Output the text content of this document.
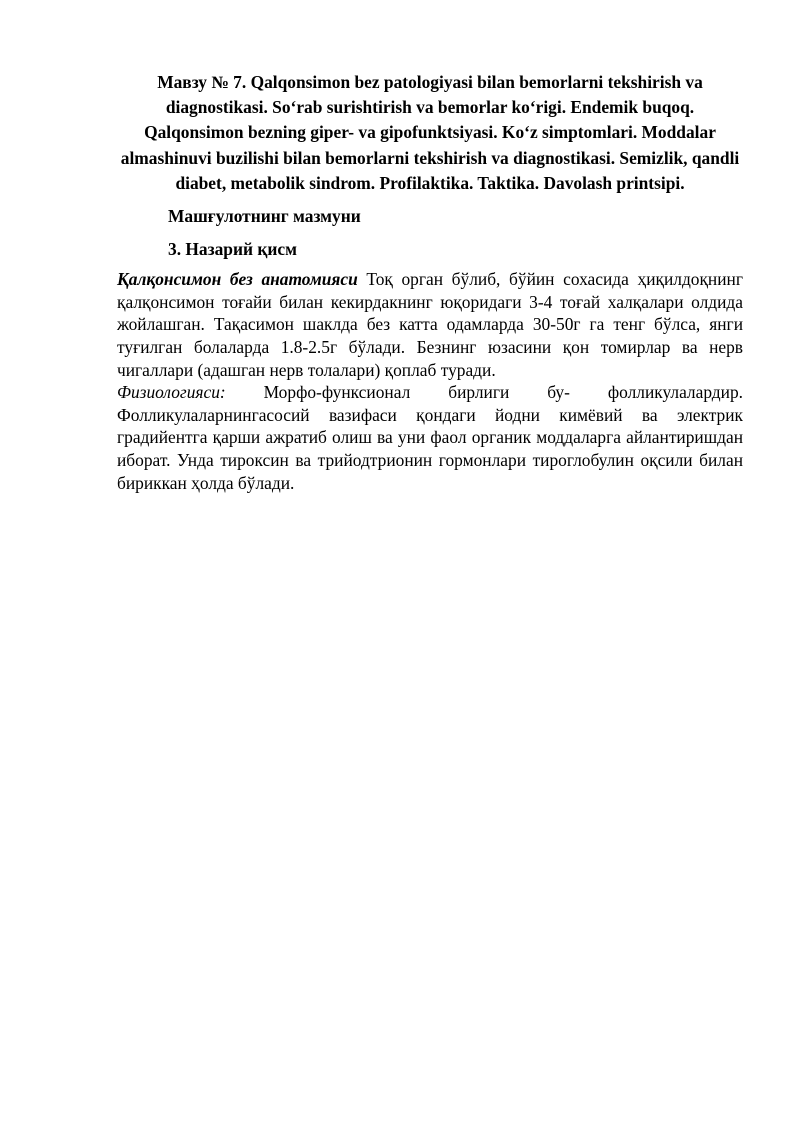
Мавзу № 7. Qalqonsimon bez patologiyasi bilan bemorlarni tekshirish va diagnostikasi. So‘rab surishtirish va bemorlar ko‘rigi. Endemik buqoq. Qalqonsimon bezning giper- va gipofunktsiyasi. Ko‘z simptomlari. Moddalar almashinuvi buzilishi bilan bemorlarni tekshirish va diagnostikasi. Semizlik, qandli diabet, metabolik sindrom. Profilaktika. Taktika. Davolash printsipi.

Машғулотнинг мазмуни

3. Назарий қисм

Қалқонсимон без анатомияси Тоқ орган бўлиб, бўйин сохасида ҳиқилдоқнинг қалқонсимон тоғайи билан кекирдакнинг юқоридаги 3-4 тоғай халқалари олдида жойлашган. Тақасимон шаклда без катта одамларда 30-50г га тенг бўлса, янги туғилган болаларда 1.8-2.5г бўлади. Безнинг юзасини қон томирлар ва нерв чигаллари (адашган нерв толалари) қоплаб туради.

Физиологияси: Морфо-функсионал бирлиги бу- фолликулалардир. Фолликулаларнингасосий вазифаси қондаги йодни кимёвий ва электрик градийентга қарши ажратиб олиш ва уни фаол органик моддаларга айлантиришдан иборат. Унда тироксин ва трийодтрионин гормонлари тироглобулин оқсили билан бириккан ҳолда бўлади.
